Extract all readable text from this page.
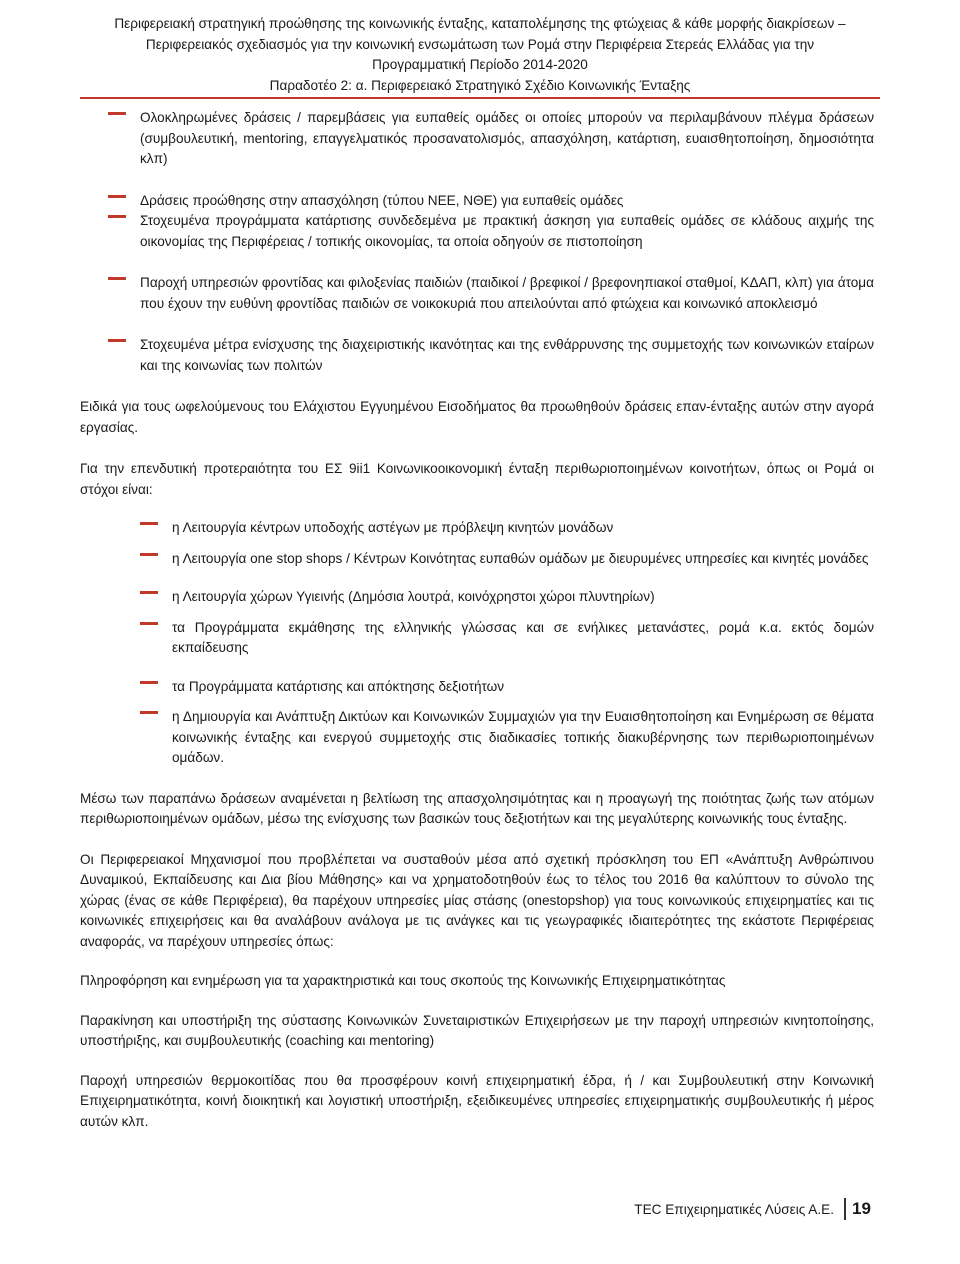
Περιφερειακή στρατηγική προώθησης της κοινωνικής ένταξης, καταπολέμησης της φτώχειας & κάθε μορφής διακρίσεων –
Περιφερειακός σχεδιασμός για την κοινωνική ενσωμάτωση των Ρομά στην Περιφέρεια Στερεάς Ελλάδας για την
Προγραμματική Περίοδο 2014-2020
Παραδοτέο 2: α. Περιφερειακό Στρατηγικό Σχέδιο Κοινωνικής Ένταξης
Ολοκληρωμένες δράσεις / παρεμβάσεις για ευπαθείς ομάδες οι οποίες μπορούν να περιλαμβάνουν πλέγμα δράσεων (συμβουλευτική, mentoring, επαγγελματικός προσανατολισμός, απασχόληση, κατάρτιση, ευαισθητοποίηση, δημοσιότητα κλπ)
Δράσεις προώθησης στην απασχόληση (τύπου ΝΕΕ, ΝΘΕ) για ευπαθείς ομάδες
Στοχευμένα προγράμματα κατάρτισης συνδεδεμένα με πρακτική άσκηση για ευπαθείς ομάδες σε κλάδους αιχμής της οικονομίας της Περιφέρειας / τοπικής οικονομίας, τα οποία οδηγούν σε πιστοποίηση
Παροχή υπηρεσιών φροντίδας και φιλοξενίας παιδιών (παιδικοί / βρεφικοί / βρεφονηπιακοί σταθμοί, ΚΔΑΠ, κλπ) για άτομα που έχουν την ευθύνη φροντίδας παιδιών σε νοικοκυριά που απειλούνται από φτώχεια και κοινωνικό αποκλεισμό
Στοχευμένα μέτρα ενίσχυσης της διαχειριστικής ικανότητας και της ενθάρρυνσης της συμμετοχής των κοινωνικών εταίρων και της κοινωνίας των πολιτών

Ειδικά για τους ωφελούμενους του Ελάχιστου Εγγυημένου Εισοδήματος θα προωθηθούν δράσεις επαν-ένταξης αυτών στην αγορά εργασίας.

Για την επενδυτική προτεραιότητα του ΕΣ 9ii1 Κοινωνικοοικονομική ένταξη περιθωριοποιημένων κοινοτήτων, όπως οι Ρομά οι στόχοι είναι:

η Λειτουργία κέντρων υποδοχής αστέγων με πρόβλεψη κινητών μονάδων
η Λειτουργία one stop shops / Κέντρων Κοινότητας ευπαθών ομάδων με διευρυμένες υπηρεσίες και κινητές μονάδες
η Λειτουργία χώρων Υγιεινής (Δημόσια λουτρά, κοινόχρηστοι χώροι πλυντηρίων)
τα Προγράμματα εκμάθησης της ελληνικής γλώσσας και σε ενήλικες μετανάστες, ρομά κ.α. εκτός δομών εκπαίδευσης
τα Προγράμματα κατάρτισης και απόκτησης δεξιοτήτων
η Δημιουργία και Ανάπτυξη Δικτύων και Κοινωνικών Συμμαχιών για την Ευαισθητοποίηση και Ενημέρωση σε θέματα κοινωνικής ένταξης και ενεργού συμμετοχής στις διαδικασίες τοπικής διακυβέρνησης των περιθωριοποιημένων ομάδων.

Μέσω των παραπάνω δράσεων αναμένεται η βελτίωση της απασχολησιμότητας και η προαγωγή της ποιότητας ζωής των ατόμων περιθωριοποιημένων ομάδων, μέσω της ενίσχυσης των βασικών τους δεξιοτήτων και της μεγαλύτερης κοινωνικής τους ένταξης.

Οι Περιφερειακοί Μηχανισμοί που προβλέπεται να συσταθούν μέσα από σχετική πρόσκληση του ΕΠ «Ανάπτυξη Ανθρώπινου Δυναμικού, Εκπαίδευσης και Δια βίου Μάθησης» και να χρηματοδοτηθούν έως το τέλος του 2016 θα καλύπτουν το σύνολο της χώρας (ένας σε κάθε Περιφέρεια), θα παρέχουν υπηρεσίες μίας στάσης (onestopshop) για τους κοινωνικούς επιχειρηματίες και τις κοινωνικές επιχειρήσεις και θα αναλάβουν ανάλογα με τις ανάγκες και τις γεωγραφικές ιδιαιτερότητες της εκάστοτε Περιφέρειας αναφοράς, να παρέχουν υπηρεσίες όπως:

Πληροφόρηση και ενημέρωση για τα χαρακτηριστικά και τους σκοπούς της Κοινωνικής Επιχειρηματικότητας

Παρακίνηση και υποστήριξη της σύστασης Κοινωνικών Συνεταιριστικών Επιχειρήσεων με την παροχή υπηρεσιών κινητοποίησης, υποστήριξης, και συμβουλευτικής (coaching και mentoring)

Παροχή υπηρεσιών θερμοκοιτίδας που θα προσφέρουν κοινή επιχειρηματική έδρα, ή / και Συμβουλευτική στην Κοινωνική Επιχειρηματικότητα, κοινή διοικητική και λογιστική υποστήριξη, εξειδικευμένες υπηρεσίες επιχειρηματικής συμβουλευτικής ή μέρος αυτών κλπ.

TEC Επιχειρηματικές Λύσεις Α.Ε. 19
